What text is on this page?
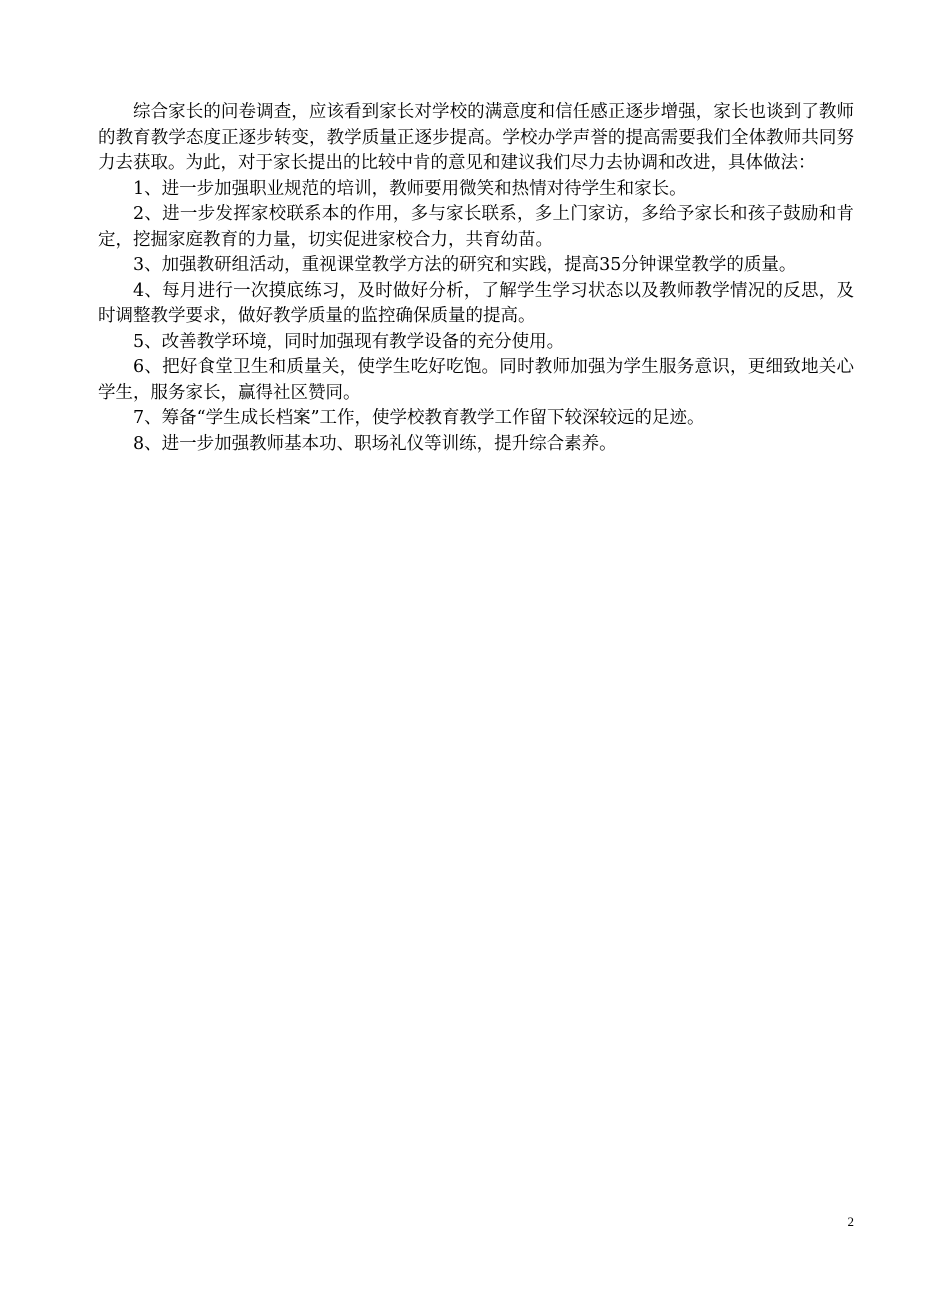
综合家长的问卷调查，应该看到家长对学校的满意度和信任感正逐步增强，家长也谈到了教师的教育教学态度正逐步转变，教学质量正逐步提高。学校办学声誉的提高需要我们全体教师共同努力去获取。为此，对于家长提出的比较中肯的意见和建议我们尽力去协调和改进，具体做法：

1、进一步加强职业规范的培训，教师要用微笑和热情对待学生和家长。

2、进一步发挥家校联系本的作用，多与家长联系，多上门家访，多给予家长和孩子鼓励和肯定，挖掘家庭教育的力量，切实促进家校合力，共育幼苗。

3、加强教研组活动，重视课堂教学方法的研究和实践，提高35分钟课堂教学的质量。

4、每月进行一次摸底练习，及时做好分析，了解学生学习状态以及教师教学情况的反思，及时调整教学要求，做好教学质量的监控确保质量的提高。

5、改善教学环境，同时加强现有教学设备的充分使用。

6、把好食堂卫生和质量关，使学生吃好吃饱。同时教师加强为学生服务意识，更细致地关心学生，服务家长，赢得社区赞同。

7、筹备“学生成长档案”工作，使学校教育教学工作留下较深较远的足迹。

8、进一步加强教师基本功、职场礼仪等训练，提升综合素养。

2
